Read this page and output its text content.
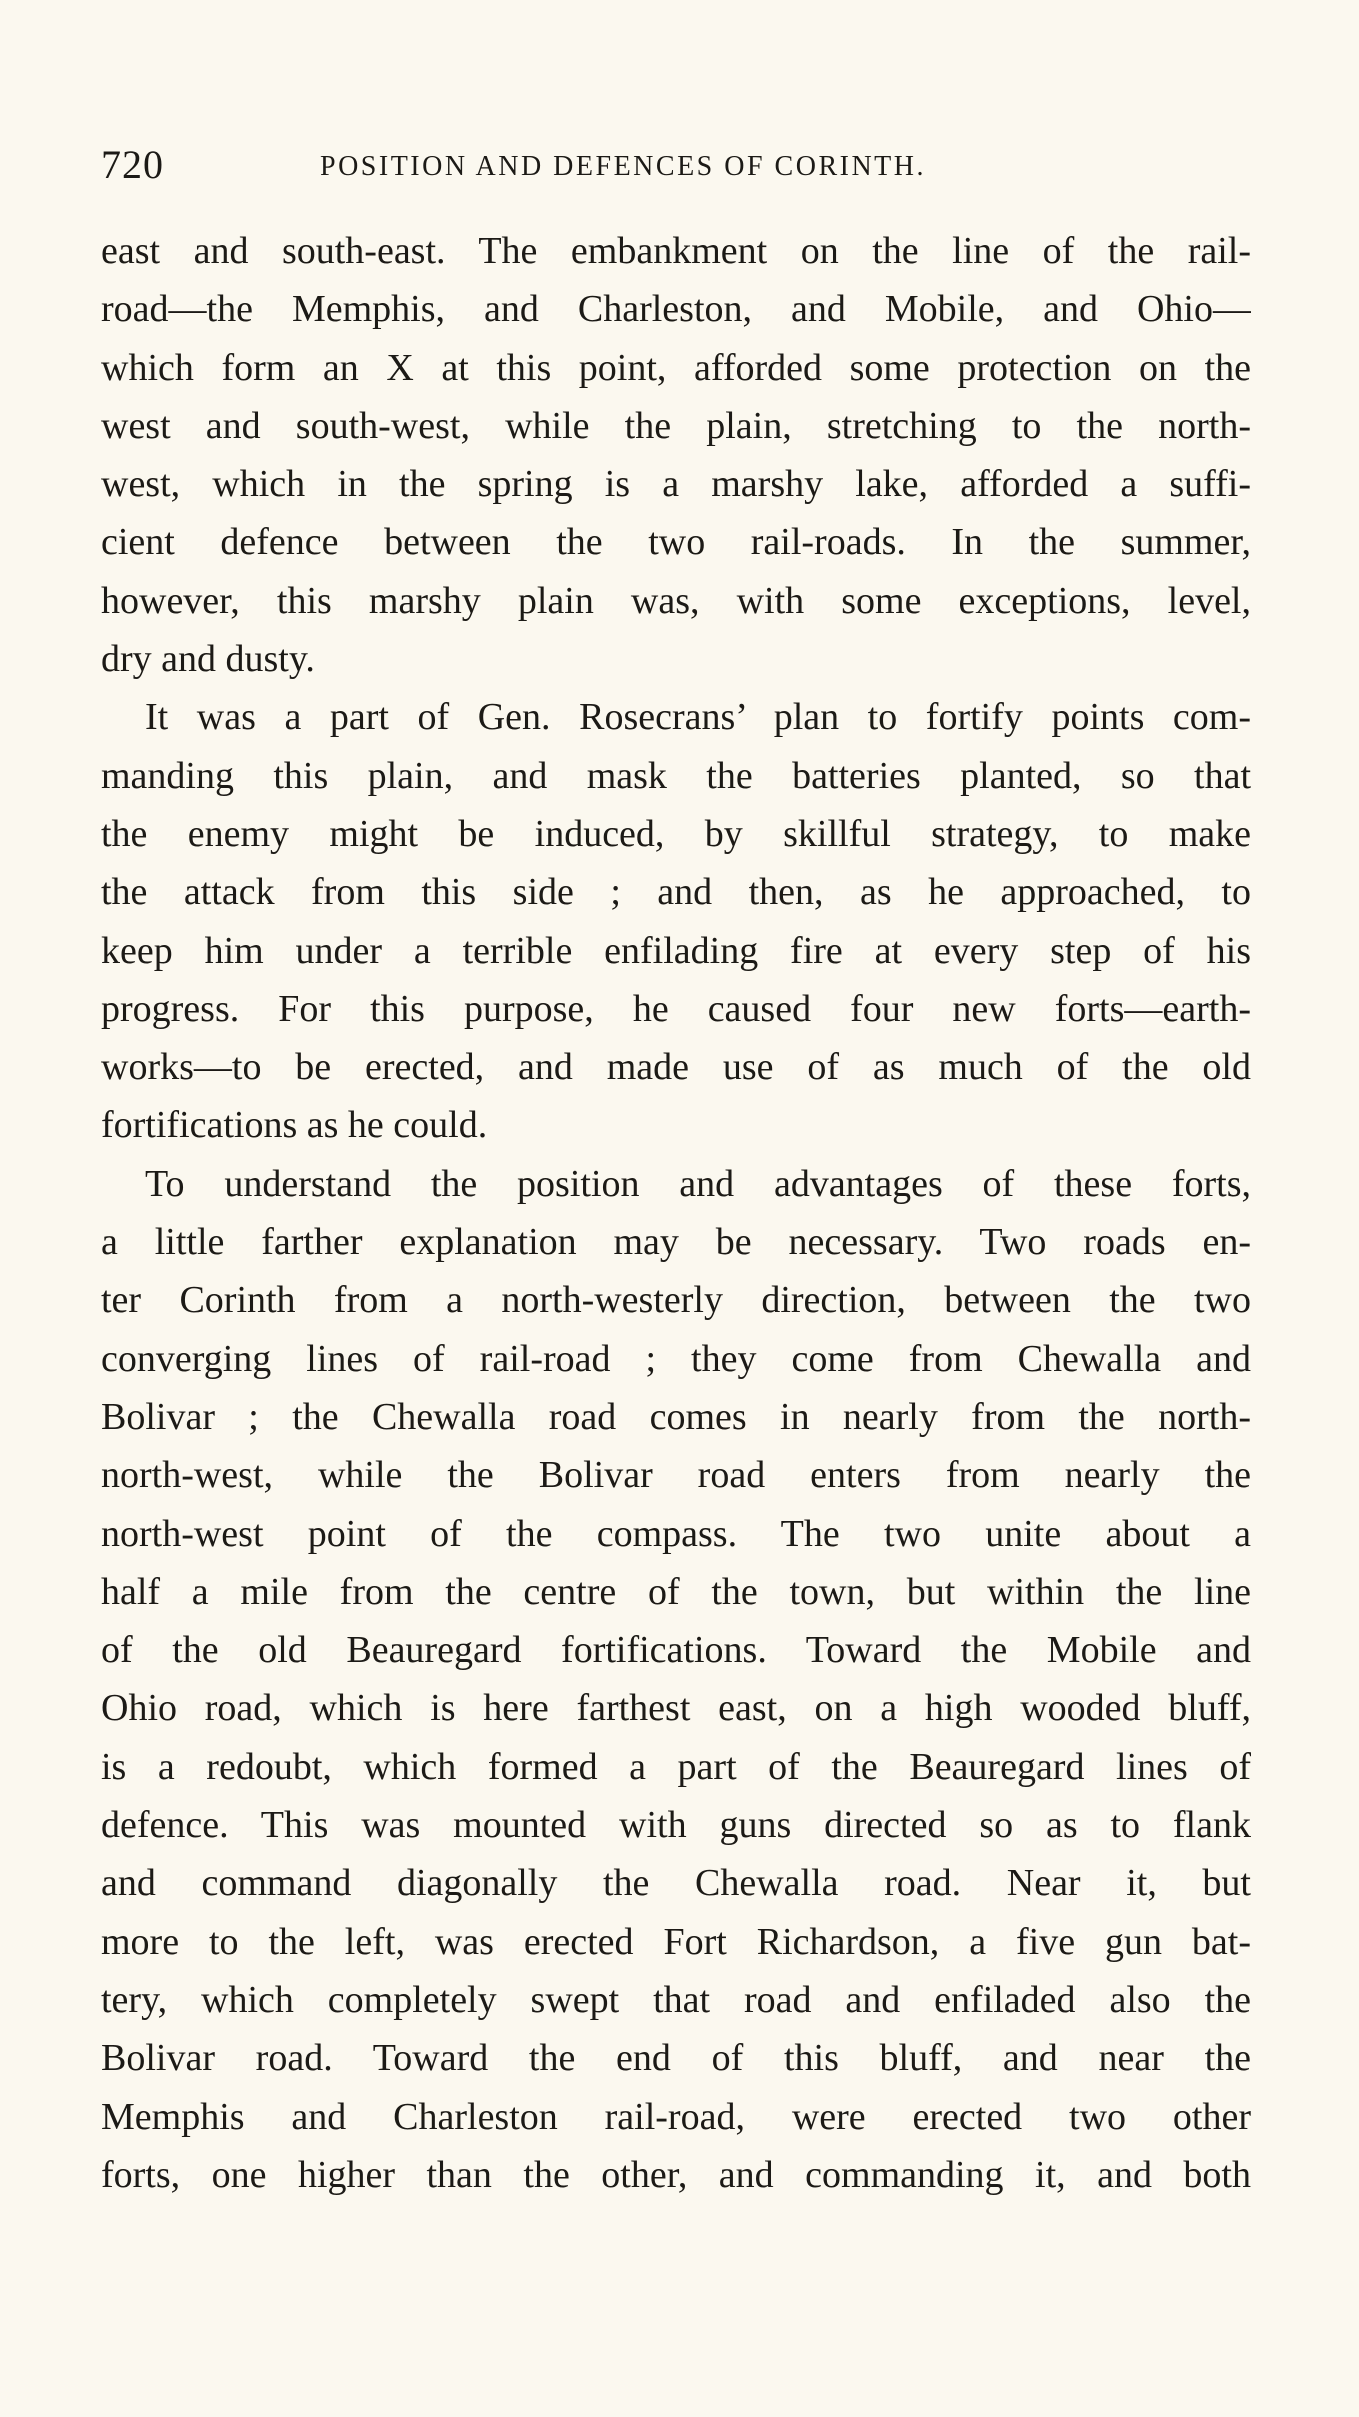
720	POSITION AND DEFENCES OF CORINTH.
east and south-east. The embankment on the line of the rail-
road—the Memphis, and Charleston, and Mobile, and Ohio—
which form an X at this point, afforded some protection on the
west and south-west, while the plain, stretching to the north-
west, which in the spring is a marshy lake, afforded a suffi-
cient defence between the two rail-roads. In the summer,
however, this marshy plain was, with some exceptions, level,
dry and dusty.
It was a part of Gen. Rosecrans’ plan to fortify points com-
manding this plain, and mask the batteries planted, so that
the enemy might be induced, by skillful strategy, to make
the attack from this side ; and then, as he approached, to
keep him under a terrible enfilading fire at every step of his
progress. For this purpose, he caused four new forts—earth-
works—to be erected, and made use of as much of the old
fortifications as he could.
To understand the position and advantages of these forts,
a little farther explanation may be necessary. Two roads en-
ter Corinth from a north-westerly direction, between the two
converging lines of rail-road ; they come from Chewalla and
Bolivar ; the Chewalla road comes in nearly from the north-
north-west, while the Bolivar road enters from nearly the
north-west point of the compass. The two unite about a
half a mile from the centre of the town, but within the line
of the old Beauregard fortifications. Toward the Mobile and
Ohio road, which is here farthest east, on a high wooded bluff,
is a redoubt, which formed a part of the Beauregard lines of
defence. This was mounted with guns directed so as to flank
and command diagonally the Chewalla road. Near it, but
more to the left, was erected Fort Richardson, a five gun bat-
tery, which completely swept that road and enfiladed also the
Bolivar road. Toward the end of this bluff, and near the
Memphis and Charleston rail-road, were erected two other
forts, one higher than the other, and commanding it, and both
